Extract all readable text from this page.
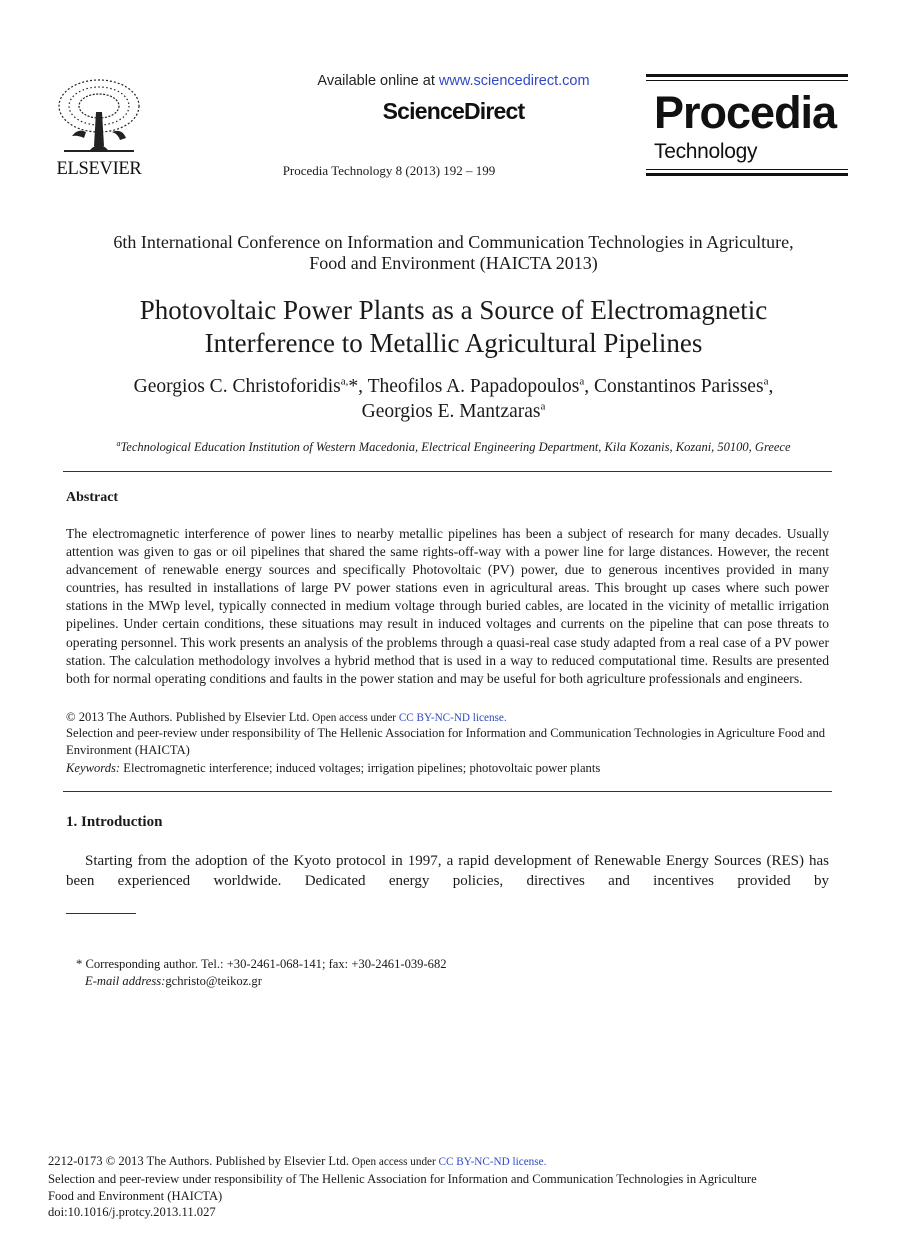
ELSEVIER
Available online at www.sciencedirect.com
ScienceDirect
Procedia Technology 8 (2013) 192 – 199
Procedia
Technology
6th International Conference on Information and Communication Technologies in Agriculture, Food and Environment (HAICTA 2013)
Photovoltaic Power Plants as a Source of Electromagnetic
Interference to Metallic Agricultural Pipelines
Georgios C. Christoforidis$^{a,}$*, Theofilos A. Papadopoulos$^a$, Constantinos Parisses$^a$,
Georgios E. Mantzaras$^a$
$^a$Technological Education Institution of Western Macedonia, Electrical Engineering Department, Kila Kozanis, Kozani, 50100, Greece
Abstract

The electromagnetic interference of power lines to nearby metallic pipelines has been a subject of research for many decades. Usually attention was given to gas or oil pipelines that shared the same rights-off-way with a power line for large distances. However, the recent advancement of renewable energy sources and specifically Photovoltaic (PV) power, due to generous incentives provided in many countries, has resulted in installations of large PV power stations even in agricultural areas. This brought up cases where such power stations in the MWp level, typically connected in medium voltage through buried cables, are located in the vicinity of metallic irrigation pipelines. Under certain conditions, these situations may result in induced voltages and currents on the pipeline that can pose threats to operating personnel. This work presents an analysis of the problems through a quasi-real case study adapted from a real case of a PV power station. The calculation methodology involves a hybrid method that is used in a way to reduced computational time. Results are presented both for normal operating conditions and faults in the power station and may be useful for both agriculture professionals and engineers.

© 2013 The Authors. Published by Elsevier Ltd. Open access under CC BY-NC-ND license.
Selection and peer-review under responsibility of The Hellenic Association for Information and Communication Technologies in Agriculture Food and Environment (HAICTA)
Keywords: Electromagnetic interference; induced voltages; irrigation pipelines; photovoltaic power plants
1. Introduction

Starting from the adoption of the Kyoto protocol in 1997, a rapid development of Renewable Energy Sources (RES) has been experienced worldwide. Dedicated energy policies, directives and incentives provided by

* Corresponding author. Tel.: +30-2461-068-141; fax: +30-2461-039-682
E-mail address:gchristo@teikoz.gr
2212-0173 © 2013 The Authors. Published by Elsevier Ltd. Open access under CC BY-NC-ND license.
Selection and peer-review under responsibility of The Hellenic Association for Information and Communication Technologies in Agriculture
Food and Environment (HAICTA)
doi:10.1016/j.protcy.2013.11.027
